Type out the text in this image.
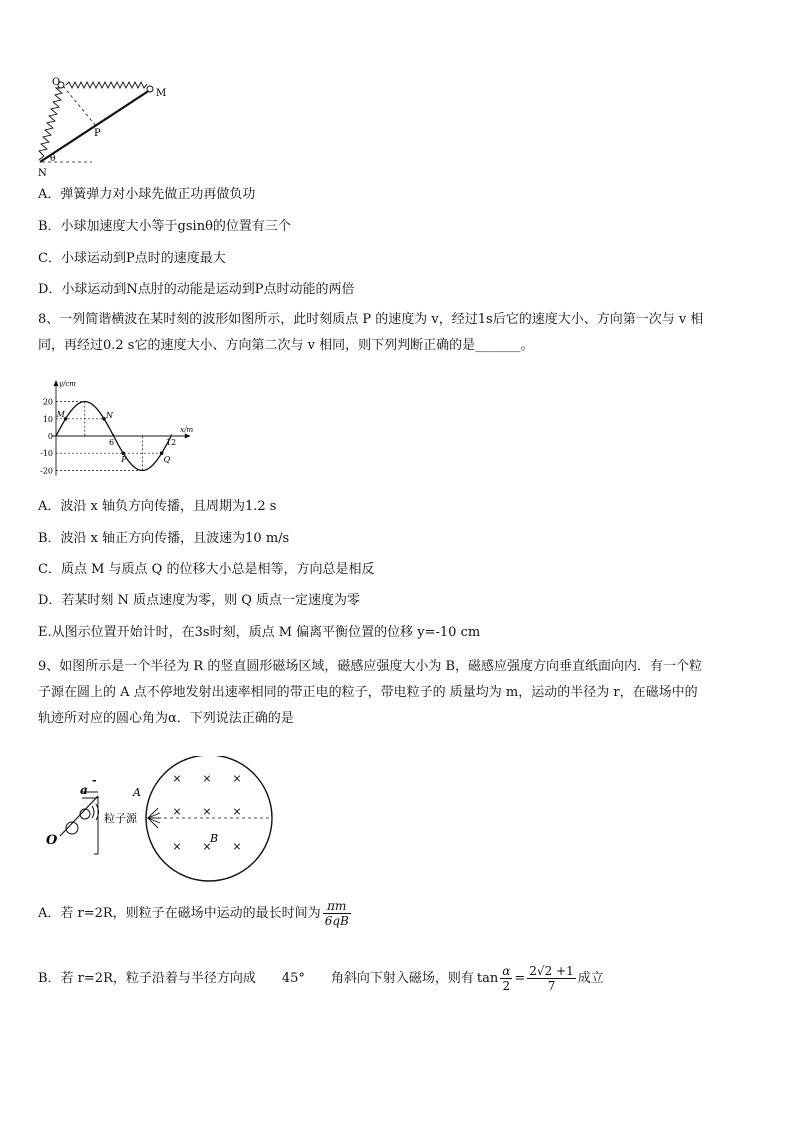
O
M
P
N
θ
A．弹簧弹力对小球先做正功再做负功
B．小球加速度大小等于gsinθ的位置有三个
C．小球运动到P点时的速度最大
D．小球运动到N点肘的动能是运动到P点时动能的两倍
8、一列简谐横波在某时刻的波形如图所示，此时刻质点 P 的速度为 v，经过1s后它的速度大小、方向第一次与 v 相
同，再经过0.2 s它的速度大小、方向第二次与 v 相同，则下列判断正确的是_______。
y/cm
x/m
20
10
0
-10
-20
6	12
M	N
P	Q
A．波沿 x 轴负方向传播，且周期为1.2 s
B．波沿 x 轴正方向传播，且波速为10 m/s
C．质点 M 与质点 Q 的位移大小总是相等，方向总是相反
D．若某时刻 N 质点速度为零，则 Q 质点一定速度为零
E.从图示位置开始计时，在3s时刻，质点 M 偏离平衡位置的位移 y=-10 cm
9、如图所示是一个半径为 R 的竖直圆形磁场区域，磁感应强度大小为 B，磁感应强度方向垂直纸面向内．有一个粒
子源在圆上的 A 点不停地发射出速率相同的带正电的粒子，带电粒子的 质量均为 m，运动的半径为 r，在磁场中的
轨迹所对应的圆心角为α．下列说法正确的是
× × ×
× × ×
× × ×
-
a
O
A
粒子源
B
A．若 r=2R，则粒子在磁场中运动的最长时间为 $\frac{\pi m}{6qB}$
B．若 r=2R，粒子沿着与半径方向成 45° 角斜向下射入磁场，则有 $\tan \frac{\alpha}{2} = \frac{2√2 +1}{7}$ 成立
